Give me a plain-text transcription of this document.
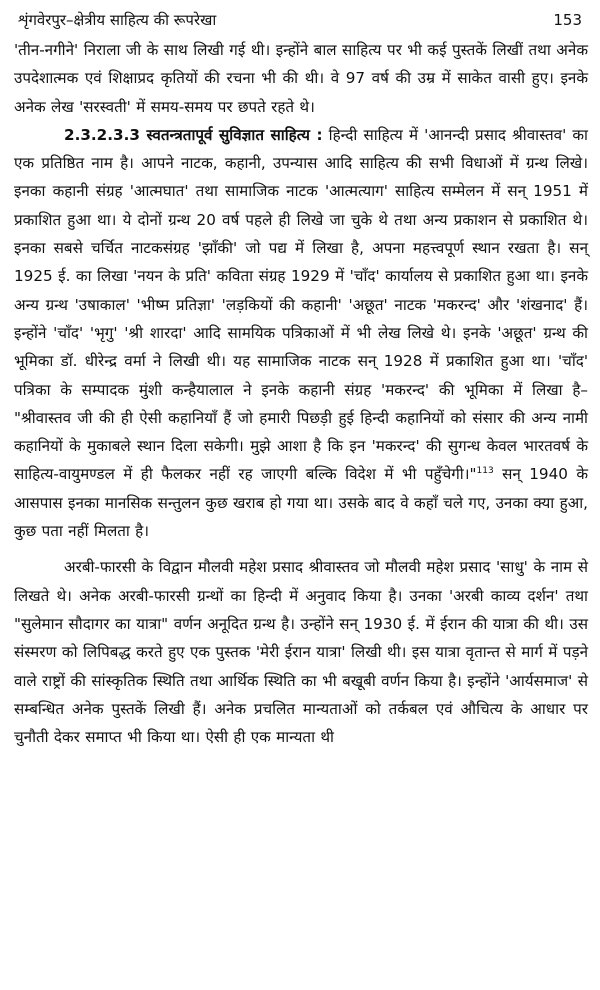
शृंगवेरपुर–क्षेत्रीय साहित्य की रूपरेखा	153

'तीन-नगीने' निराला जी के साथ लिखी गई थी। इन्होंने बाल साहित्य पर भी कई पुस्तकें लिखीं तथा अनेक उपदेशात्मक एवं शिक्षाप्रद कृतियों की रचना भी की थी। वे 97 वर्ष की उम्र में साकेत वासी हुए। इनके अनेक लेख 'सरस्वती' में समय-समय पर छपते रहते थे।

2.3.2.3.3 स्वतन्त्रतापूर्व सुविज्ञात साहित्य : हिन्दी साहित्य में 'आनन्दी प्रसाद श्रीवास्तव' का एक प्रतिष्ठित नाम है। आपने नाटक, कहानी, उपन्यास आदि साहित्य की सभी विधाओं में ग्रन्थ लिखे। इनका कहानी संग्रह 'आत्मघात' तथा सामाजिक नाटक 'आत्मत्याग' साहित्य सम्मेलन में सन् 1951 में प्रकाशित हुआ था। ये दोनों ग्रन्थ 20 वर्ष पहले ही लिखे जा चुके थे तथा अन्य प्रकाशन से प्रकाशित थे। इनका सबसे चर्चित नाटकसंग्रह 'झाँकी' जो पद्य में लिखा है, अपना महत्त्वपूर्ण स्थान रखता है। सन् 1925 ई. का लिखा 'नयन के प्रति' कविता संग्रह 1929 में 'चाँद' कार्यालय से प्रकाशित हुआ था। इनके अन्य ग्रन्थ 'उषाकाल' 'भीष्म प्रतिज्ञा' 'लड़कियों की कहानी' 'अछूत' नाटक 'मकरन्द' और 'शंखनाद' हैं। इन्होंने 'चाँद' 'भृगु' 'श्री शारदा' आदि सामयिक पत्रिकाओं में भी लेख लिखे थे। इनके 'अछूत' ग्रन्थ की भूमिका डॉ. धीरेन्द्र वर्मा ने लिखी थी। यह सामाजिक नाटक सन् 1928 में प्रकाशित हुआ था। 'चाँद' पत्रिका के सम्पादक मुंशी कन्हैयालाल ने इनके कहानी संग्रह 'मकरन्द' की भूमिका में लिखा है– "श्रीवास्तव जी की ही ऐसी कहानियाँ हैं जो हमारी पिछड़ी हुई हिन्दी कहानियों को संसार की अन्य नामी कहानियों के मुकाबले स्थान दिला सकेगी। मुझे आशा है कि इन 'मकरन्द' की सुगन्ध केवल भारतवर्ष के साहित्य-वायुमण्डल में ही फैलकर नहीं रह जाएगी बल्कि विदेश में भी पहुँचेगी।"$^{113}$ सन् 1940 के आसपास इनका मानसिक सन्तुलन कुछ खराब हो गया था। उसके बाद वे कहाँ चले गए, उनका क्या हुआ, कुछ पता नहीं मिलता है।

अरबी-फारसी के विद्वान मौलवी महेश प्रसाद श्रीवास्तव जो मौलवी महेश प्रसाद 'साधु' के नाम से लिखते थे। अनेक अरबी-फारसी ग्रन्थों का हिन्दी में अनुवाद किया है। उनका 'अरबी काव्य दर्शन' तथा "सुलेमान सौदागर का यात्रा" वर्णन अनूदित ग्रन्थ है। उन्होंने सन् 1930 ई. में ईरान की यात्रा की थी। उस संस्मरण को लिपिबद्ध करते हुए एक पुस्तक 'मेरी ईरान यात्रा' लिखी थी। इस यात्रा वृतान्त से मार्ग में पड़ने वाले राष्ट्रों की सांस्कृतिक स्थिति तथा आर्थिक स्थिति का भी बखूबी वर्णन किया है। इन्होंने 'आर्यसमाज' से सम्बन्धित अनेक पुस्तकें लिखी हैं। अनेक प्रचलित मान्यताओं को तर्कबल एवं औचित्य के आधार पर चुनौती देकर समाप्त भी किया था। ऐसी ही एक मान्यता थी
